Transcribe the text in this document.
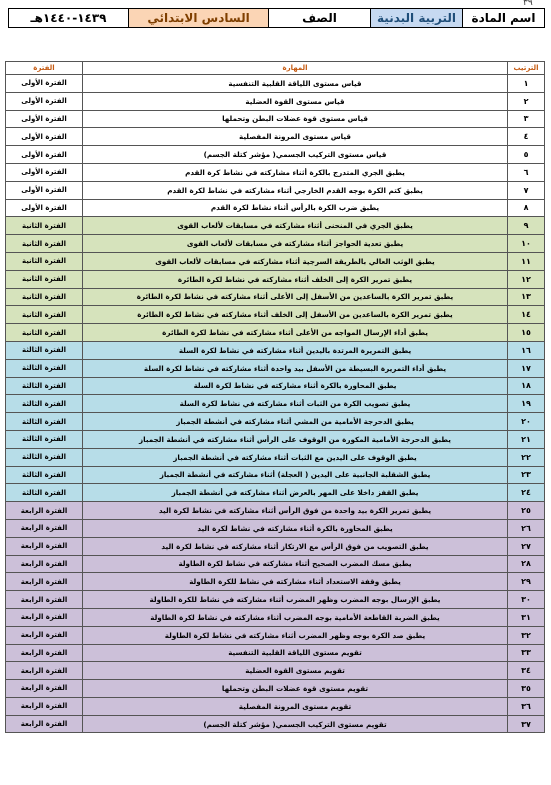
٣٩
اسم المادة
التربية البدنية
الصف
السادس الابتدائي
١٤٣٩-١٤٤٠هـ
الترتيب
المهارة
الفترة
١
قياس مستوى اللياقة القلبية التنفسية
الفترة الأولى
٢
قياس مستوى القوة العضلية
الفترة الأولى
٣
قياس مستوى قوة عضلات البطن وتحملها
الفترة الأولى
٤
قياس مستوى المرونة المفصلية
الفترة الأولى
٥
قياس مستوى التركيب الجسمي( مؤشر كتلة الجسم)
الفترة الأولى
٦
يطبق الجري المتدرج بالكرة أثناء مشاركته في نشاط كرة القدم
الفترة الأولى
٧
يطبق كتم الكرة بوجه القدم الخارجي أثناء مشاركته في نشاط لكرة القدم
الفترة الأولى
٨
يطبق ضرب الكرة بالرأس أثناء نشاط لكرة القدم
الفترة الأولى
٩
يطبق الجري في المنحنى أثناء مشاركته في مسابقات لألعاب القوى
الفترة الثانية
١٠
يطبق تعدية الحواجز أثناء مشاركته في مسابقات لألعاب القوى
الفترة الثانية
١١
يطبق الوثب العالي بالطريقة السرجية أثناء مشاركته في مسابقات لألعاب القوى
الفترة الثانية
١٢
يطبق تمرير الكرة إلى الخلف أثناء مشاركته في نشاط لكرة الطائرة
الفترة الثانية
١٣
يطبق تمرير الكرة بالساعدين من الأسفل إلى الأعلى أثناء مشاركته في نشاط لكرة الطائرة
الفترة الثانية
١٤
يطبق تمرير الكرة بالساعدين من الأسفل إلى الخلف أثناء مشاركته في نشاط لكرة الطائرة
الفترة الثانية
١٥
يطبق أداء الإرسال المواجه من الأعلى أثناء مشاركته في نشاط لكرة الطائرة
الفترة الثانية
١٦
يطبق التمريرة المرتدة باليدين أثناء مشاركته في نشاط لكرة السلة
الفترة الثالثة
١٧
يطبق أداء التمريرة البسيطة من الأسفل بيد واحدة أثناء مشاركته في نشاط لكرة السلة
الفترة الثالثة
١٨
يطبق المحاورة بالكرة أثناء مشاركته في نشاط لكرة السلة
الفترة الثالثة
١٩
يطبق تصويب الكرة من الثبات أثناء مشاركته في نشاط لكرة السلة
الفترة الثالثة
٢٠
يطبق الدحرجة الأمامية من المشي أثناء مشاركته في أنشطة الجمباز
الفترة الثالثة
٢١
يطبق الدحرجة الأمامية المكورة من الوقوف على الرأس أثناء مشاركته في أنشطة الجمباز
الفترة الثالثة
٢٢
يطبق الوقوف على اليدين مع الثبات أثناء مشاركته في أنشطة الجمباز
الفترة الثالثة
٢٣
يطبق الشقلبة الجانبية على اليدين ( العجلة) أثناء مشاركته في أنشطة الجمباز
الفترة الثالثة
٢٤
يطبق القفز داخلا على المهر بالعرض أثناء مشاركته في أنشطة الجمباز
الفترة الثالثة
٢٥
يطبق تمرير الكرة بيد واحدة من فوق الرأس أثناء مشاركته في نشاط لكرة اليد
الفترة الرابعة
٢٦
يطبق المحاورة بالكرة أثناء مشاركته في نشاط لكرة اليد
الفترة الرابعة
٢٧
يطبق التصويب من فوق الرأس مع الارتكاز أثناء مشاركته في نشاط لكرة اليد
الفترة الرابعة
٢٨
يطبق مسك المضرب الصحيح أثناء مشاركته في نشاط لكرة الطاولة
الفترة الرابعة
٢٩
يطبق وقفة الاستعداد أثناء مشاركته في نشاط للكرة الطاولة
الفترة الرابعة
٣٠
يطبق الإرسال بوجه المضرب وظهر المضرب أثناء مشاركته في نشاط للكرة الطاولة
الفترة الرابعة
٣١
يطبق الضربة القاطعة الأمامية بوجه المضرب أثناء مشاركته في نشاط لكرة الطاولة
الفترة الرابعة
٣٢
يطبق صد الكرة بوجه وظهر المضرب أثناء مشاركته في نشاط لكرة الطاولة
الفترة الرابعة
٣٣
تقويم مستوى اللياقة القلبية التنفسية
الفترة الرابعة
٣٤
تقويم مستوى القوة العضلية
الفترة الرابعة
٣٥
تقويم مستوى قوة عضلات البطن وتحملها
الفترة الرابعة
٣٦
تقويم مستوى المرونة المفصلية
الفترة الرابعة
٣٧
تقويم مستوى التركيب الجسمي( مؤشر كتلة الجسم)
الفترة الرابعة
